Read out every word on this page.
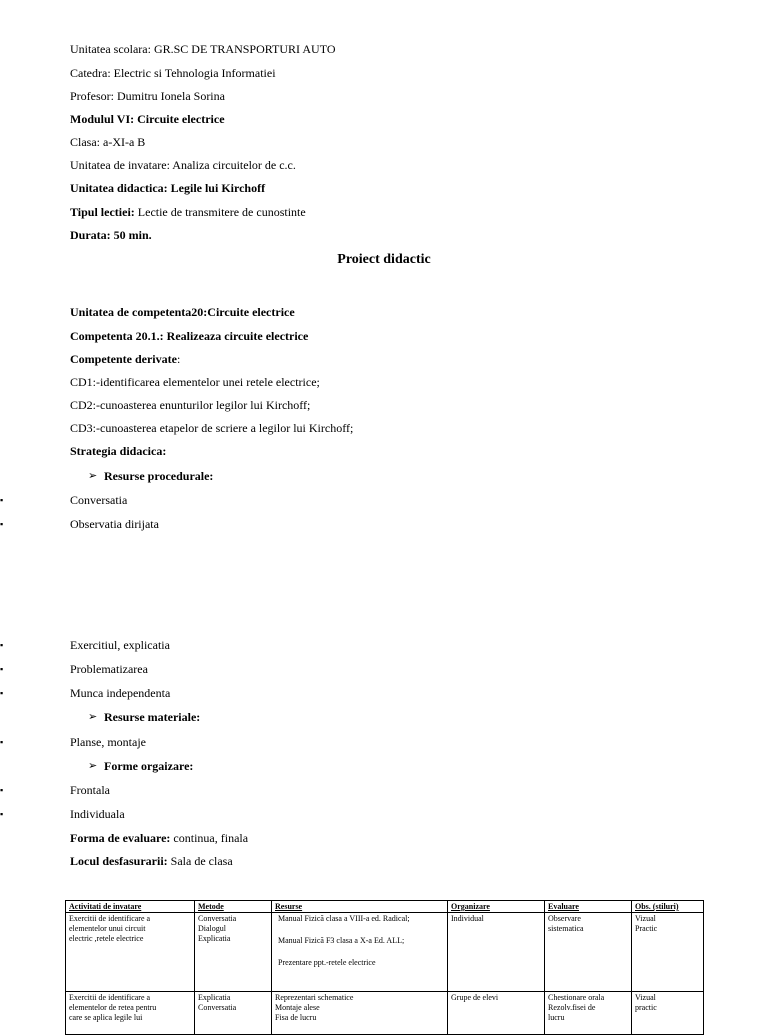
Unitatea scolara: GR.SC DE TRANSPORTURI AUTO
Catedra: Electric si Tehnologia Informatiei
Profesor: Dumitru Ionela Sorina
Modulul VI: Circuite electrice
Clasa: a-XI-a B
Unitatea de invatare: Analiza circuitelor de c.c.
Unitatea didactica: Legile lui Kirchoff
Tipul lectiei: Lectie de transmitere de cunostinte
Durata: 50 min.
Proiect didactic
Unitatea de competenta20:Circuite electrice
Competenta 20.1.: Realizeaza circuite electrice
Competente derivate:
CD1:-identificarea elementelor unei retele electrice;
CD2:-cunoasterea enunturilor legilor lui Kirchoff;
CD3:-cunoasterea etapelor de scriere a legilor lui Kirchoff;
Strategia didacica:
➢ Resurse procedurale:
▪	Conversatia
▪	Observatia dirijata
▪	Exercitiul, explicatia
▪	Problematizarea
▪	Munca independenta
➢ Resurse materiale:
▪	Planse, montaje
➢ Forme orgaizare:
▪	Frontala
▪	Individuala
Forma de evaluare: continua, finala
Locul desfasurarii: Sala de clasa
Activitati de invatare	Metode	Resurse	Organizare	Evaluare	Obs. (stiluri)

Exercitii de identificare a
elementelor unui circuit
electric ,retele electrice	Conversatia
Dialogul
Explicatia	Manual Fizică clasa a VIII-a ed. Radical;
Manual Fizică F3 clasa a X-a Ed. ALL;
Prezentare ppt.-retele electrice	Individual	Observare
sistematica	Vizual
Practic

Exercitii de identificare a
elementelor de retea pentru
care se aplica legile lui	Explicatia
Conversatia	Reprezentari schematice
Montaje alese
Fisa de lucru	Grupe de elevi	Chestionare orala
Rezolv.fisei de
lucru	Vizual
practic
